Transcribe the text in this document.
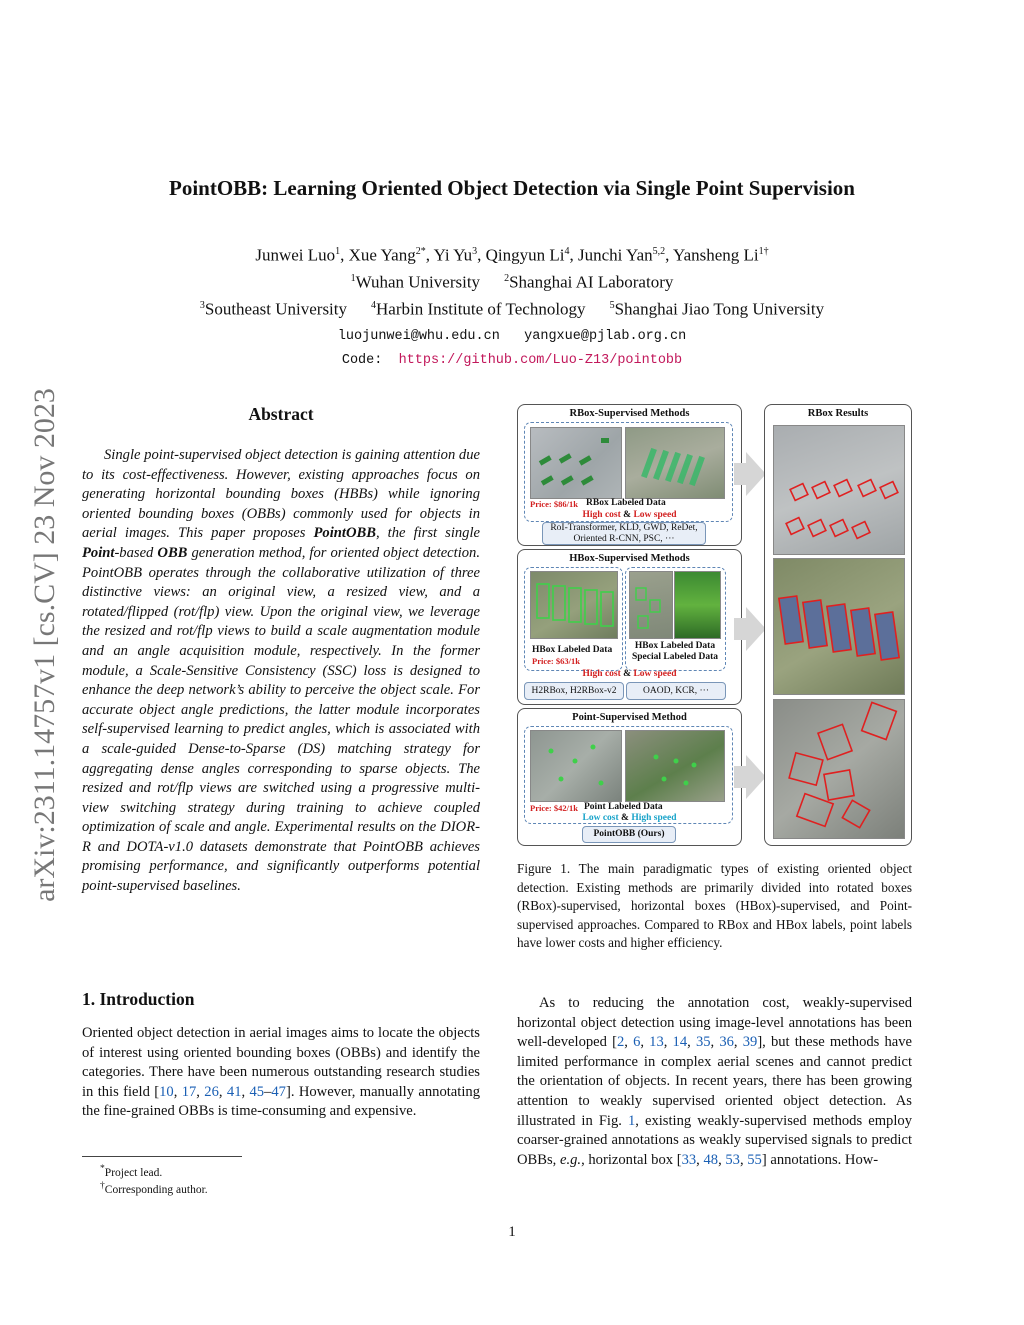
arXiv:2311.14757v1 [cs.CV] 23 Nov 2023
PointOBB: Learning Oriented Object Detection via Single Point Supervision
Junwei Luo$^1$, Xue Yang$^{2*}$, Yi Yu$^3$, Qingyun Li$^4$, Junchi Yan$^{5,2}$, Yansheng $Li^{1\dagger}$
$^1$Wuhan University $^2$Shanghai AI Laboratory
$^3$Southeast University $^4$Harbin Institute of Technology $^5$Shanghai Jiao Tong University
luojunwei@whu.edu.cn yangxue@pjlab.org.cn
Code: https://github.com/Luo-Z13/pointobb
Abstract
Single point-supervised object detection is gaining attention due to its cost-effectiveness. However, existing approaches focus on generating horizontal bounding boxes (HBBs) while ignoring oriented bounding boxes (OBBs) commonly used for objects in aerial images. This paper proposes PointOBB, the first single Point-based OBB generation method, for oriented object detection. PointOBB operates through the collaborative utilization of three distinctive views: an original view, a resized view, and a rotated/flipped (rot/flp) view. Upon the original view, we leverage the resized and rot/flp views to build a scale augmentation module and an angle acquisition module, respectively. In the former module, a Scale-Sensitive Consistency (SSC) loss is designed to enhance the deep network’s ability to perceive the object scale. For accurate object angle predictions, the latter module incorporates self-supervised learning to predict angles, which is associated with a scale-guided Dense-to-Sparse (DS) matching strategy for aggregating dense angles corresponding to sparse objects. The resized and rot/flp views are switched using a progressive multi-view switching strategy during training to achieve coupled optimization of scale and angle. Experimental results on the DIOR-R and DOTA-v1.0 datasets demonstrate that PointOBB achieves promising performance, and significantly outperforms potential point-supervised baselines.
1. Introduction
Oriented object detection in aerial images aims to locate the objects of interest using oriented bounding boxes (OBBs) and identify the categories. There have been numerous outstanding research studies in this field [10, 17, 26, 41, 45–47]. However, manually annotating the fine-grained OBBs is time-consuming and expensive.
*Project lead.
†Corresponding author.
As to reducing the annotation cost, weakly-supervised horizontal object detection using image-level annotations has been well-developed [2, 6, 13, 14, 35, 36, 39], but these methods have limited performance in complex aerial scenes and cannot predict the orientation of objects. In recent years, there has been growing attention to weakly supervised oriented object detection. As illustrated in Fig. 1, existing weakly-supervised methods employ coarser-grained annotations as weakly supervised signals to predict OBBs, e.g., horizontal box [33, 48, 53, 55] annotations. How-
RBox-Supervised Methods
Price: $86/1k RBox Labeled Data
High cost & Low speed
RoI-Transformer, KLD, GWD, ReDet,
Oriented R-CNN, PSC, ···
HBox-Supervised Methods
HBox Labeled Data
Price: $63/1k
HBox Labeled Data
Special Labeled Data
High cost & Low speed
H2RBox, H2RBox-v2	OAOD, KCR, ···
Point-Supervised Method
Price: $42/1k Point Labeled Data
Low cost & High speed
PointOBB (Ours)
RBox Results
Figure 1. The main paradigmatic types of existing oriented object detection. Existing methods are primarily divided into rotated boxes (RBox)-supervised, horizontal boxes (HBox)-supervised, and Point-supervised approaches. Compared to RBox and HBox labels, point labels have lower costs and higher efficiency.
1
